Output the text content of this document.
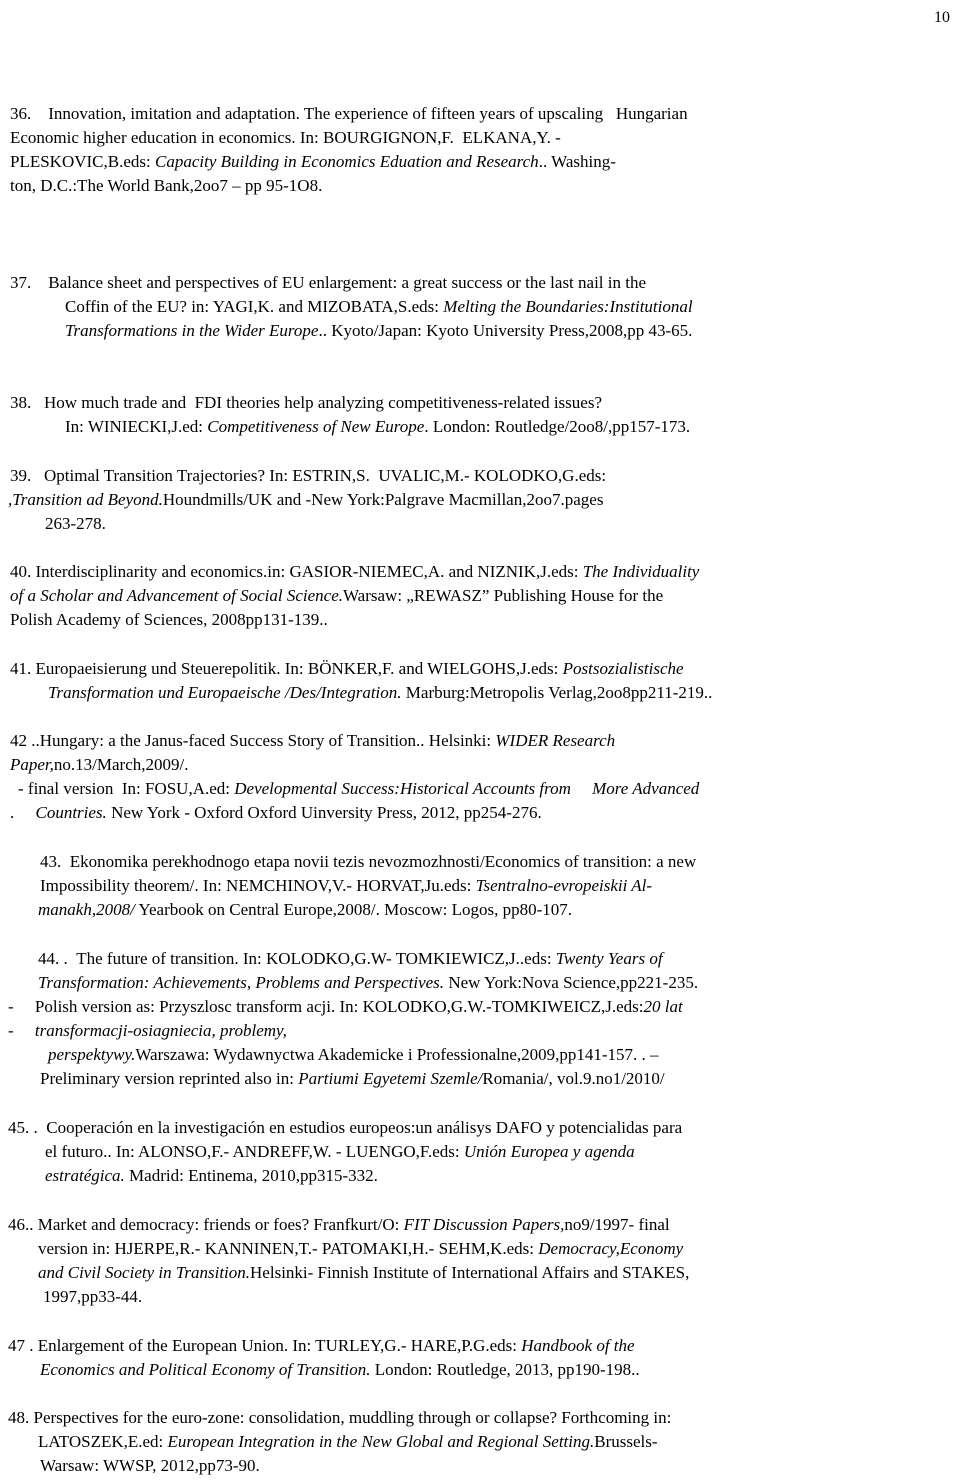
10
36.    Innovation, imitation and adaptation. The experience of fifteen years of upscaling   Hungarian
Economic higher education in economics. In: BOURGIGNON,F.  ELKANA,Y. -
PLESKOVIC,B.eds: Capacity Building in Economics Eduation and Research.. Washing-
ton, D.C.:The World Bank,2oo7 – pp 95-1O8.
37.    Balance sheet and perspectives of EU enlargement: a great success or the last nail in the
Coffin of the EU? in: YAGI,K. and MIZOBATA,S.eds: Melting the Boundaries:Institutional
Transformations in the Wider Europe.. Kyoto/Japan: Kyoto University Press,2008,pp 43-65.
38.   How much trade and  FDI theories help analyzing competitiveness-related issues?
In: WINIECKI,J.ed: Competitiveness of New Europe. London: Routledge/2oo8/,pp157-173.
39.   Optimal Transition Trajectories? In: ESTRIN,S.  UVALIC,M.- KOLODKO,G.eds:
,Transition ad Beyond.Houndmills/UK and -New York:Palgrave Macmillan,2oo7.pages
263-278.
40. Interdisciplinarity and economics.in: GASIOR-NIEMEC,A. and NIZNIK,J.eds: The Individuality
of a Scholar and Advancement of Social Science.Warsaw: „REWASZ” Publishing House for the
Polish Academy of Sciences, 2008pp131-139..
41. Europaeisierung und Steuerepolitik. In: BÖNKER,F. and WIELGOHS,J.eds: Postsozialistische
Transformation und Europaeische /Des/Integration. Marburg:Metropolis Verlag,2oo8pp211-219..
42 ..Hungary: a the Janus-faced Success Story of Transition.. Helsinki: WIDER Research
Paper,no.13/March,2009/.
- final version  In: FOSU,A.ed: Developmental Success:Historical Accounts from     More Advanced
.     Countries. New York - Oxford Oxford Uinversity Press, 2012, pp254-276.
43.  Ekonomika perekhodnogo etapa novii tezis nevozmozhnosti/Economics of transition: a new
Impossibility theorem/. In: NEMCHINOV,V.- HORVAT,Ju.eds: Tsentralno-evropeiskii Al-
manakh,2008/ Yearbook on Central Europe,2008/. Moscow: Logos, pp80-107.
44. .  The future of transition. In: KOLODKO,G.W- TOMKIEWICZ,J..eds: Twenty Years of
Transformation: Achievements, Problems and Perspectives. New York:Nova Science,pp221-235.
-     Polish version as: Przyszlosc transform acji. In: KOLODKO,G.W.-TOMKIWEICZ,J.eds:20 lat
-     transformacji-osiagniecia, problemy,
perspektywy.Warszawa: Wydawnyctwa Akademicke i Professionalne,2009,pp141-157. . –
Preliminary version reprinted also in: Partiumi Egyetemi Szemle/Romania/, vol.9.no1/2010/
45. .  Cooperación en la investigación en estudios europeos:un análisys DAFO y potencialidas para
el futuro.. In: ALONSO,F.- ANDREFF,W. - LUENGO,F.eds: Unión Europea y agenda
estratégica. Madrid: Entinema, 2010,pp315-332.
46.. Market and democracy: friends or foes? Franfkurt/O: FIT Discussion Papers,no9/1997- final
version in: HJERPE,R.- KANNINEN,T.- PATOMAKI,H.- SEHM,K.eds: Democracy,Economy
and Civil Society in Transition.Helsinki- Finnish Institute of International Affairs and STAKES,
1997,pp33-44.
47 . Enlargement of the European Union. In: TURLEY,G.- HARE,P.G.eds: Handbook of the
Economics and Political Economy of Transition. London: Routledge, 2013, pp190-198..
48. Perspectives for the euro-zone: consolidation, muddling through or collapse? Forthcoming in:
LATOSZEK,E.ed: European Integration in the New Global and Regional Setting.Brussels-
Warsaw: WWSP, 2012,pp73-90.
